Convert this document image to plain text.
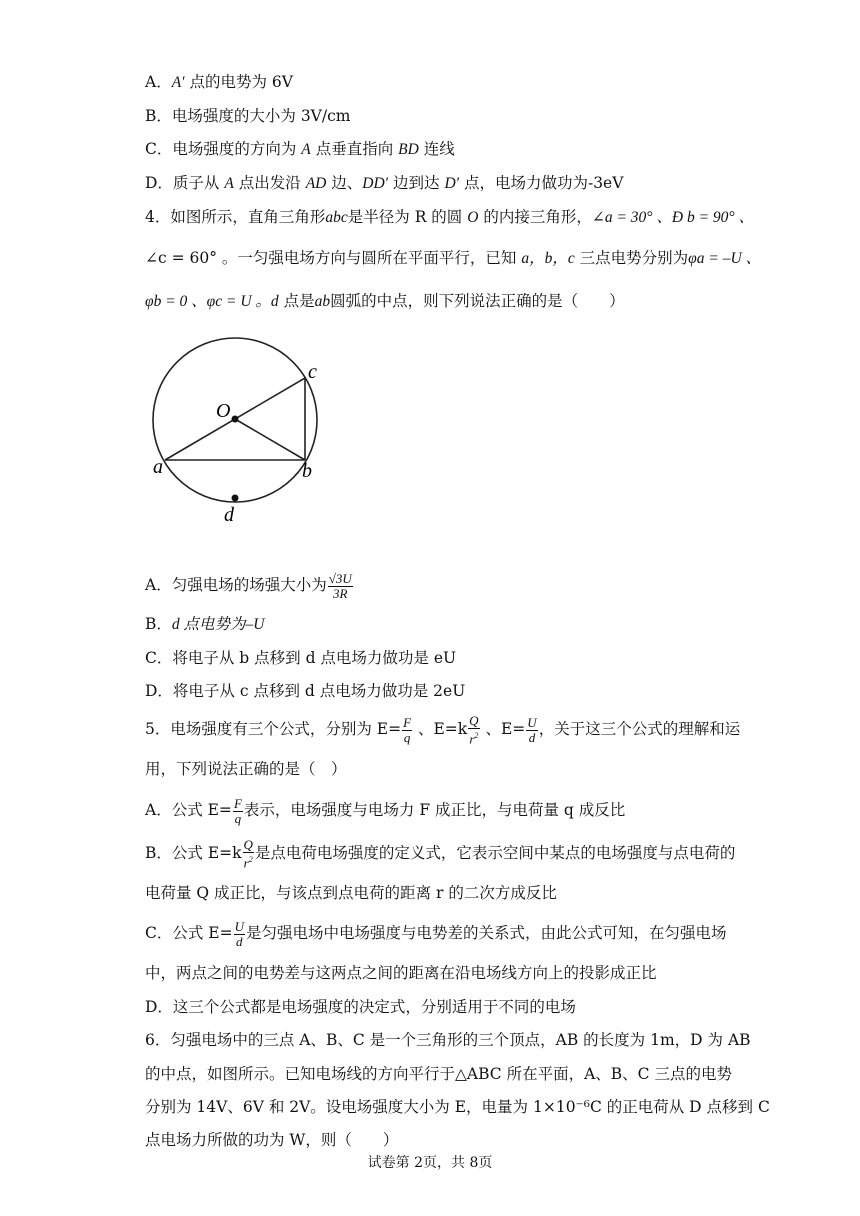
A．A′ 点的电势为 6V
B．电场强度的大小为 3V/cm
C．电场强度的方向为 A 点垂直指向 BD 连线
D．质子从 A 点出发沿 AD 边、DD′ 边到达 D′ 点，电场力做功为-3eV
4．如图所示，直角三角形abc是半径为 R 的圆 O 的内接三角形，∠a = 30° 、Ð b = 90° 、
∠c = 60° 。一匀强电场方向与圆所在平面平行，已知 a，b，c 三点电势分别为φa = –U 、
φb = 0 、φc = U 。d 点是ab圆弧的中点，则下列说法正确的是（　　）
c
O
a	b
d
A．匀强电场的场强大小为 $\frac{√3U}{3R}$
B．d 点电势为–U
C．将电子从 b 点移到 d 点电场力做功是 eU
D．将电子从 c 点移到 d 点电场力做功是 2eU
5．电场强度有三个公式，分别为 $E= \frac{F}{q}$ 、$E=k \frac{Q}{r^2}$ 、$E= \frac{U}{d}$ ，关于这三个公式的理解和运
用，下列说法正确的是（　）
A．公式 $E= \frac{F}{q}$ 表示，电场强度与电场力 F 成正比，与电荷量 q 成反比
B．公式 $E=k \frac{Q}{r^2}$ 是点电荷电场强度的定义式，它表示空间中某点的电场强度与点电荷的
电荷量 Q 成正比，与该点到点电荷的距离 r 的二次方成反比
C．公式 $E= \frac{U}{d}$ 是匀强电场中电场强度与电势差的关系式，由此公式可知，在匀强电场
中，两点之间的电势差与这两点之间的距离在沿电场线方向上的投影成正比
D．这三个公式都是电场强度的决定式，分别适用于不同的电场
6．匀强电场中的三点 A、B、C 是一个三角形的三个顶点，AB 的长度为 1m，D 为 AB
的中点，如图所示。已知电场线的方向平行于△ABC 所在平面，A、B、C 三点的电势
分别为 14V、6V 和 2V。设电场强度大小为 E，电量为 1×10⁻⁶C 的正电荷从 D 点移到 C
点电场力所做的功为 W，则（　　）
试卷第 2页，共 8页
